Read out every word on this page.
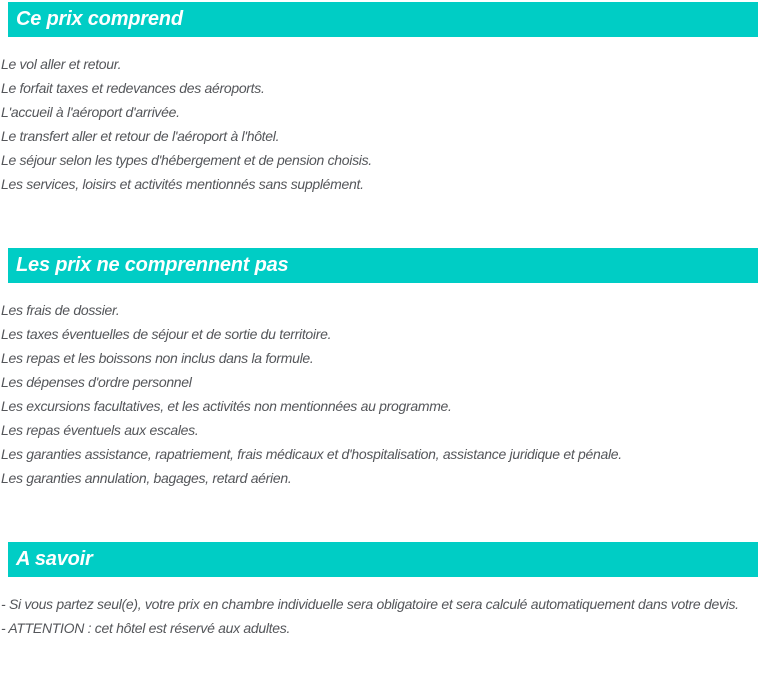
Ce prix comprend

Le vol aller et retour.

Le forfait taxes et redevances des aéroports.

L'accueil à l'aéroport d'arrivée.

Le transfert aller et retour de l'aéroport à l'hôtel.

Le séjour selon les types d'hébergement et de pension choisis.

Les services, loisirs et activités mentionnés sans supplément.

Les prix ne comprennent pas

Les frais de dossier.

Les taxes éventuelles de séjour et de sortie du territoire.

Les repas et les boissons non inclus dans la formule.

Les dépenses d'ordre personnel

Les excursions facultatives, et les activités non mentionnées au programme.

Les repas éventuels aux escales.

Les garanties assistance, rapatriement, frais médicaux et d'hospitalisation, assistance juridique et pénale.

Les garanties annulation, bagages, retard aérien.

A savoir

- Si vous partez seul(e), votre prix en chambre individuelle sera obligatoire et sera calculé automatiquement dans votre devis.

- ATTENTION : cet hôtel est réservé aux adultes.
